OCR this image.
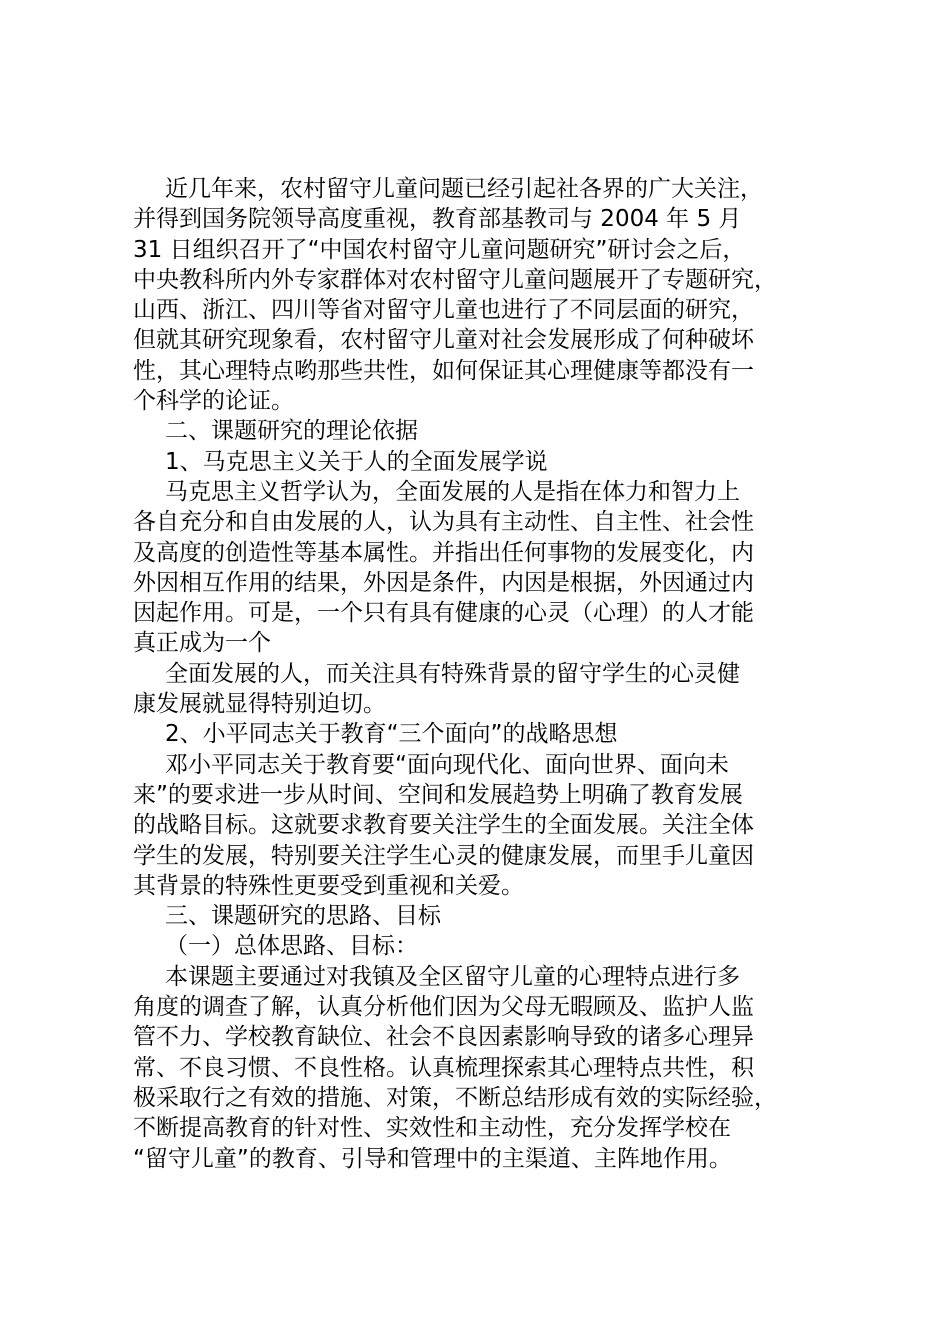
近几年来，农村留守儿童问题已经引起社各界的广大关注，
并得到国务院领导高度重视，教育部基教司与 2004 年 5 月
31 日组织召开了“中国农村留守儿童问题研究”研讨会之后，
中央教科所内外专家群体对农村留守儿童问题展开了专题研究，
山西、浙江、四川等省对留守儿童也进行了不同层面的研究，
但就其研究现象看，农村留守儿童对社会发展形成了何种破坏
性，其心理特点哟那些共性，如何保证其心理健康等都没有一
个科学的论证。
二、课题研究的理论依据
1、马克思主义关于人的全面发展学说
马克思主义哲学认为，全面发展的人是指在体力和智力上
各自充分和自由发展的人，认为具有主动性、自主性、社会性
及高度的创造性等基本属性。并指出任何事物的发展变化，内
外因相互作用的结果，外因是条件，内因是根据，外因通过内
因起作用。可是，一个只有具有健康的心灵（心理）的人才能
真正成为一个
全面发展的人，而关注具有特殊背景的留守学生的心灵健
康发展就显得特别迫切。
2、小平同志关于教育“三个面向”的战略思想
邓小平同志关于教育要“面向现代化、面向世界、面向未
来”的要求进一步从时间、空间和发展趋势上明确了教育发展
的战略目标。这就要求教育要关注学生的全面发展。关注全体
学生的发展，特别要关注学生心灵的健康发展，而里手儿童因
其背景的特殊性更要受到重视和关爱。
三、课题研究的思路、目标
（一）总体思路、目标：
本课题主要通过对我镇及全区留守儿童的心理特点进行多
角度的调查了解，认真分析他们因为父母无暇顾及、监护人监
管不力、学校教育缺位、社会不良因素影响导致的诸多心理异
常、不良习惯、不良性格。认真梳理探索其心理特点共性，积
极采取行之有效的措施、对策，不断总结形成有效的实际经验，
不断提高教育的针对性、实效性和主动性，充分发挥学校在
“留守儿童”的教育、引导和管理中的主渠道、主阵地作用。
